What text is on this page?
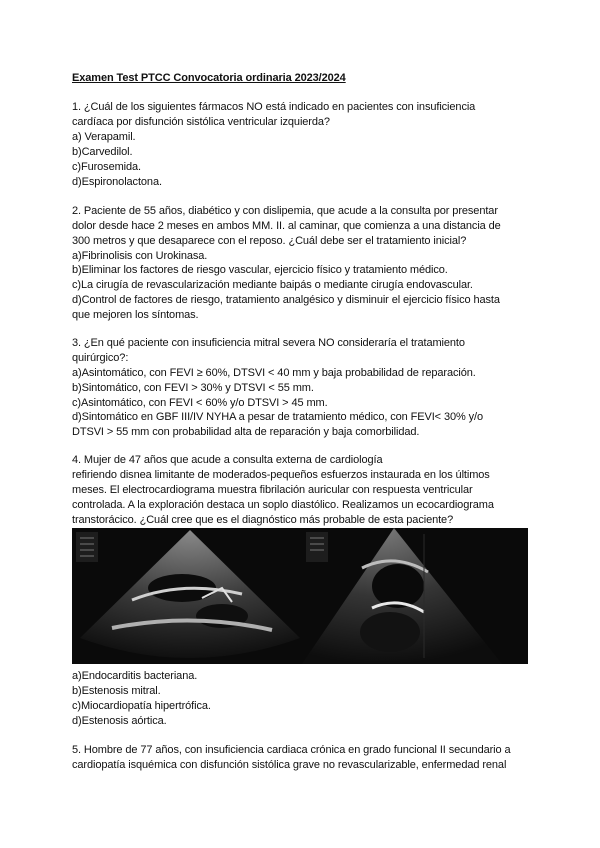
Examen Test PTCC Convocatoria ordinaria 2023/2024
1. ¿Cuál de los siguientes fármacos NO está indicado en pacientes con insuficiencia
cardíaca por disfunción sistólica ventricular izquierda?
a) Verapamil.
b)Carvedilol.
c)Furosemida.
d)Espironolactona.
2. Paciente de 55 años, diabético y con dislipemia, que acude a la consulta por presentar
dolor desde hace 2 meses en ambos MM. II. al caminar, que comienza a una distancia de
300 metros y que desaparece con el reposo. ¿Cuál debe ser el tratamiento inicial?
a)Fibrinolisis con Urokinasa.
b)Eliminar los factores de riesgo vascular, ejercicio físico y tratamiento médico.
c)La cirugía de revascularización mediante baipás o mediante cirugía endovascular.
d)Control de factores de riesgo, tratamiento analgésico y disminuir el ejercicio físico hasta
que mejoren los síntomas.
3. ¿En qué paciente con insuficiencia mitral severa NO consideraría el tratamiento
quirúrgico?:
a)Asintomático, con FEVI ≥ 60%, DTSVI < 40 mm y baja probabilidad de reparación.
b)Sintomático, con FEVI > 30% y DTSVI < 55 mm.
c)Asintomático, con FEVI < 60% y/o DTSVI > 45 mm.
d)Sintomático en GBF III/IV NYHA a pesar de tratamiento médico, con FEVI< 30% y/o
DTSVI > 55 mm con probabilidad alta de reparación y baja comorbilidad.
4. Mujer de 47 años que acude a consulta externa de cardiología
refiriendo disnea limitante de moderados-pequeños esfuerzos instaurada en los últimos
meses. El electrocardiograma muestra fibrilación auricular con respuesta ventricular
controlada. A la exploración destaca un soplo diastólico. Realizamos un ecocardiograma
transtorácico. ¿Cuál cree que es el diagnóstico más probable de esta paciente?
a)Endocarditis bacteriana.
b)Estenosis mitral.
c)Miocardiopatía hipertrófica.
d)Estenosis aórtica.
5. Hombre de 77 años, con insuficiencia cardiaca crónica en grado funcional II secundario a
cardiopatía isquémica con disfunción sistólica grave no revascularizable, enfermedad renal
